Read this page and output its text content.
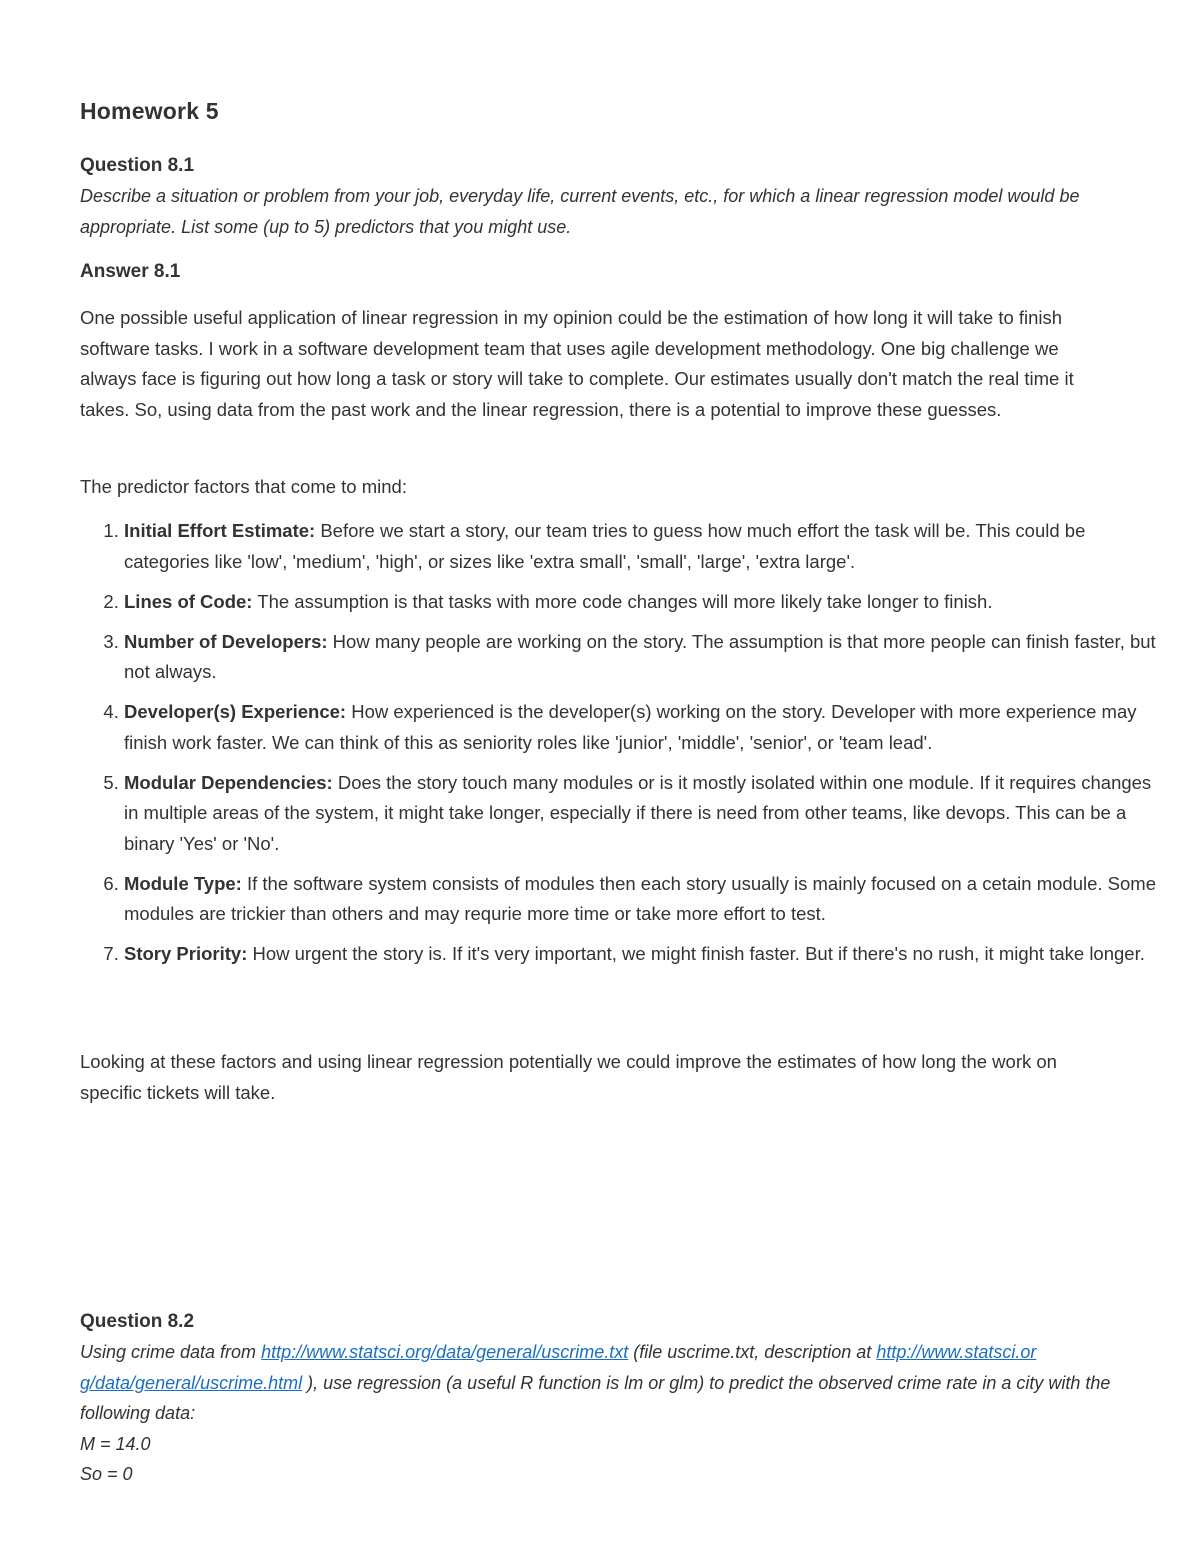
Homework 5

Question 8.1

Describe a situation or problem from your job, everyday life, current events, etc., for which a linear regression model would be appropriate. List some (up to 5) predictors that you might use.

Answer 8.1

One possible useful application of linear regression in my opinion could be the estimation of how long it will take to finish software tasks. I work in a software development team that uses agile development methodology. One big challenge we always face is figuring out how long a task or story will take to complete. Our estimates usually don't match the real time it takes. So, using data from the past work and the linear regression, there is a potential to improve these guesses.

The predictor factors that come to mind:

1. Initial Effort Estimate: Before we start a story, our team tries to guess how much effort the task will be. This could be categories like 'low', 'medium', 'high', or sizes like 'extra small', 'small', 'large', 'extra large'.
2. Lines of Code: The assumption is that tasks with more code changes will more likely take longer to finish.
3. Number of Developers: How many people are working on the story. The assumption is that more people can finish faster, but not always.
4. Developer(s) Experience: How experienced is the developer(s) working on the story. Developer with more experience may finish work faster. We can think of this as seniority roles like 'junior', 'middle', 'senior', or 'team lead'.
5. Modular Dependencies: Does the story touch many modules or is it mostly isolated within one module. If it requires changes in multiple areas of the system, it might take longer, especially if there is need from other teams, like devops. This can be a binary 'Yes' or 'No'.
6. Module Type: If the software system consists of modules then each story usually is mainly focused on a cetain module. Some modules are trickier than others and may requrie more time or take more effort to test.
7. Story Priority: How urgent the story is. If it's very important, we might finish faster. But if there's no rush, it might take longer.

Looking at these factors and using linear regression potentially we could improve the estimates of how long the work on specific tickets will take.

Question 8.2

Using crime data from http://www.statsci.org/data/general/uscrime.txt (file uscrime.txt, description at http://www.statsci.or
g/data/general/uscrime.html ), use regression (a useful R function is lm or glm) to predict the observed crime rate in a city with the following data:

M = 14.0

So = 0
